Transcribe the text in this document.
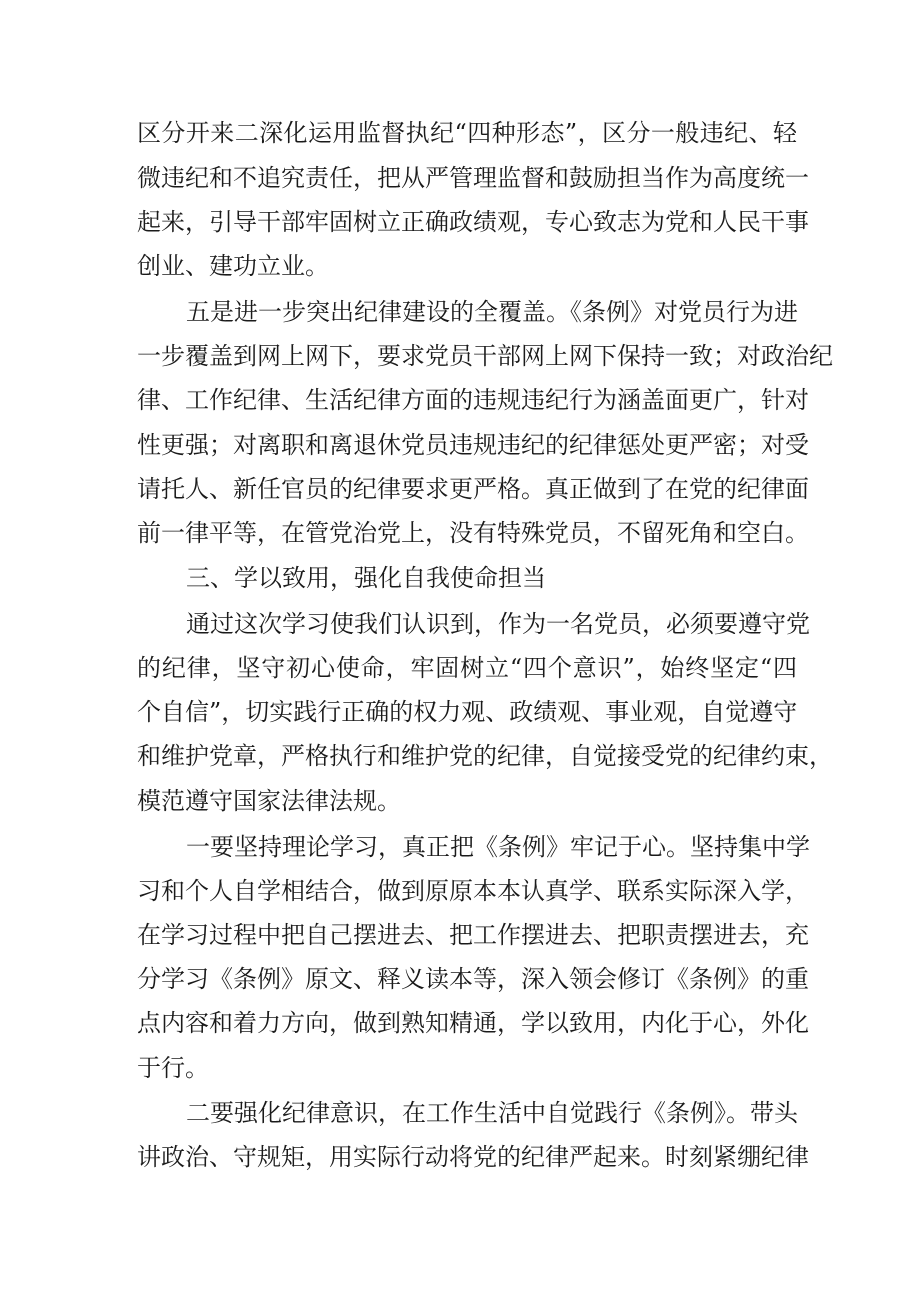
区分开来二深化运用监督执纪“四种形态”，区分一般违纪、轻
微违纪和不追究责任，把从严管理监督和鼓励担当作为高度统一
起来，引导干部牢固树立正确政绩观，专心致志为党和人民干事
创业、建功立业。
五是进一步突出纪律建设的全覆盖。《条例》对党员行为进
一步覆盖到网上网下，要求党员干部网上网下保持一致；对政治纪
律、工作纪律、生活纪律方面的违规违纪行为涵盖面更广，针对
性更强；对离职和离退休党员违规违纪的纪律惩处更严密；对受
请托人、新任官员的纪律要求更严格。真正做到了在党的纪律面
前一律平等，在管党治党上，没有特殊党员，不留死角和空白。
三、学以致用，强化自我使命担当
通过这次学习使我们认识到，作为一名党员，必须要遵守党
的纪律，坚守初心使命，牢固树立“四个意识”，始终坚定“四
个自信”，切实践行正确的权力观、政绩观、事业观，自觉遵守
和维护党章，严格执行和维护党的纪律，自觉接受党的纪律约束，
模范遵守国家法律法规。
一要坚持理论学习，真正把《条例》牢记于心。坚持集中学
习和个人自学相结合，做到原原本本认真学、联系实际深入学，
在学习过程中把自己摆进去、把工作摆进去、把职责摆进去，充
分学习《条例》原文、释义读本等，深入领会修订《条例》的重
点内容和着力方向，做到熟知精通，学以致用，内化于心，外化
于行。
二要强化纪律意识，在工作生活中自觉践行《条例》。带头
讲政治、守规矩，用实际行动将党的纪律严起来。时刻紧绷纪律
